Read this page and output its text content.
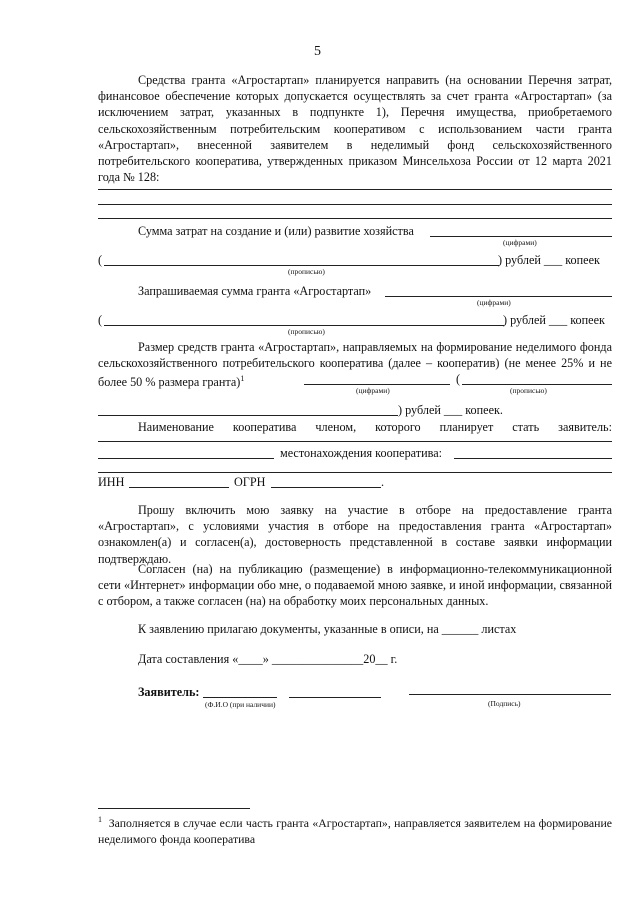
5

Средства гранта «Агростартап» планируется направить (на основании Перечня затрат, финансовое обеспечение которых допускается осуществлять за счет гранта «Агростартап» (за исключением затрат, указанных в подпункте 1), Перечня имущества, приобретаемого сельскохозяйственным потребительским кооперативом с использованием части гранта «Агростартап», внесенной заявителем в неделимый фонд сельскохозяйственного потребительского кооператива, утвержденных приказом Минсельхоза России от 12 марта 2021 года № 128:

Сумма затрат на создание и (или) развитие хозяйства
(цифрами)
(	) рублей ___ копеек
(прописью)
Запрашиваемая сумма гранта «Агростартап»
(цифрами)
(	) рублей ___ копеек
(прописью)

Размер средств гранта «Агростартап», направляемых на формирование неделимого фонда сельскохозяйственного потребительского кооператива (далее – кооператив) (не менее 25% и не более 50 % размера гранта)$^1$	(
(цифрами)	(прописью)
) рублей ___ копеек.

Наименование кооператива членом, которого планирует стать заявитель:

местонахождения кооператива:
ИНН	ОГРН	.

Прошу включить мою заявку на участие в отборе на предоставление гранта «Агростартап», с условиями участия в отборе на предоставления гранта «Агростартап» ознакомлен(а) и согласен(а), достоверность представленной в составе заявки информации подтверждаю.

Согласен (на) на публикацию (размещение) в информационно-телекоммуникационной сети «Интернет» информации обо мне, о подаваемой мною заявке, и иной информации, связанной с отбором, а также согласен (на) на обработку моих персональных данных.

К заявлению прилагаю документы, указанные в описи, на ______ листах
Дата составления «____» _______________20__ г.
Заявитель:
(Ф.И.О (при наличии)	(Подпись)

$^1$ Заполняется в случае если часть гранта «Агростартап», направляется заявителем на формирование неделимого фонда кооператива
